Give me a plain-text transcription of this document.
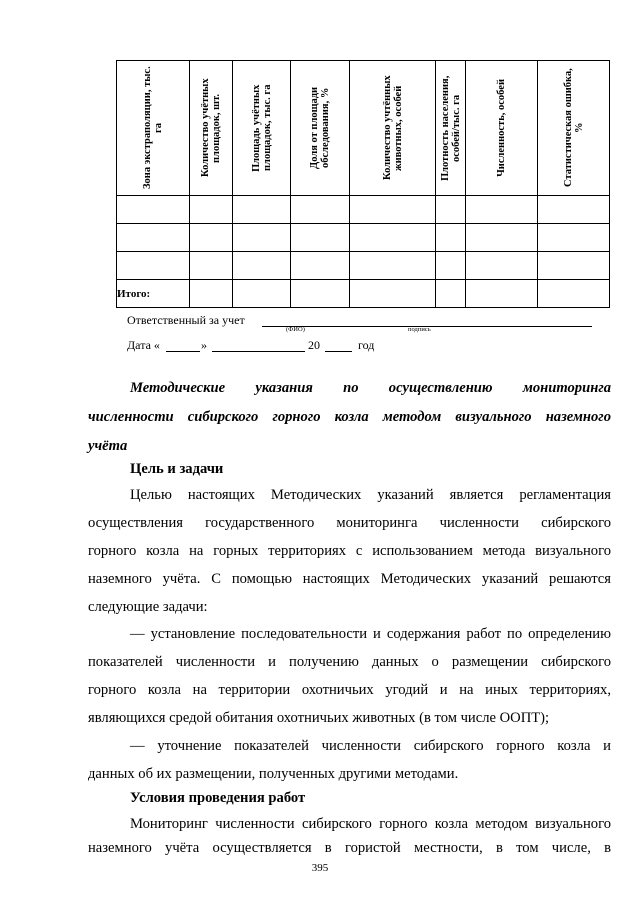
Зона экстраполяции, тыс. га	Количество учётных площадок, шт.	Площадь учётных площадок, тыс. га	Доля от площади обследования, %	Количество учтённых животных, особей	Плотность населения, особей/тыс. га	Численность, особей	Статистическая ошибка, %

Итого:							
Ответственный за учет
(ФИО)	подпись
Дата «	»	20	год
Методические указания по осуществлению мониторинга
численности сибирского горного козла методом визуального наземного
учёта
Цель и задачи
Целью настоящих Методических указаний является регламентация
осуществления государственного мониторинга численности сибирского
горного козла на горных территориях с использованием метода визуального
наземного учёта. С помощью настоящих Методических указаний решаются
следующие задачи:
— установление последовательности и содержания работ по определению
показателей численности и получению данных о размещении сибирского
горного козла на территории охотничьих угодий и на иных территориях,
являющихся средой обитания охотничьих животных (в том числе ООПТ);
— уточнение показателей численности сибирского горного козла и
данных об их размещении, полученных другими методами.
Условия проведения работ
Мониторинг численности сибирского горного козла методом визуального
наземного учёта осуществляется в гористой местности, в том числе, в
395
